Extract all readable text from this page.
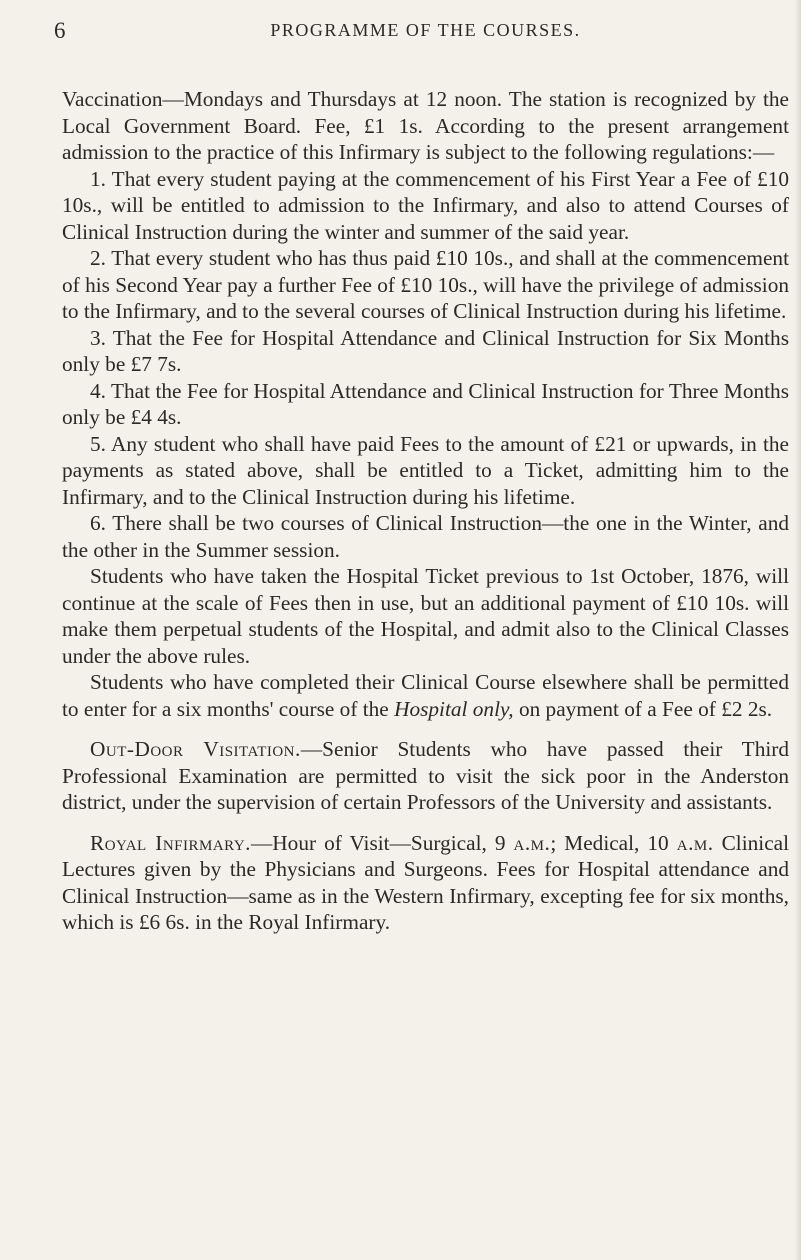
6	PROGRAMME OF THE COURSES.

Vaccination—Mondays and Thursdays at 12 noon. The station is recognized by the Local Government Board. Fee, £1 1s. According to the present arrangement admission to the practice of this Infirmary is subject to the following regulations:—

1. That every student paying at the commencement of his First Year a Fee of £10 10s., will be entitled to admission to the Infirmary, and also to attend Courses of Clinical Instruction during the winter and summer of the said year.

2. That every student who has thus paid £10 10s., and shall at the commencement of his Second Year pay a further Fee of £10 10s., will have the privilege of admission to the Infirmary, and to the several courses of Clinical Instruction during his lifetime.

3. That the Fee for Hospital Attendance and Clinical Instruction for Six Months only be £7 7s.

4. That the Fee for Hospital Attendance and Clinical Instruction for Three Months only be £4 4s.

5. Any student who shall have paid Fees to the amount of £21 or upwards, in the payments as stated above, shall be entitled to a Ticket, admitting him to the Infirmary, and to the Clinical Instruction during his lifetime.

6. There shall be two courses of Clinical Instruction—the one in the Winter, and the other in the Summer session.

Students who have taken the Hospital Ticket previous to 1st October, 1876, will continue at the scale of Fees then in use, but an additional payment of £10 10s. will make them perpetual students of the Hospital, and admit also to the Clinical Classes under the above rules.

Students who have completed their Clinical Course elsewhere shall be permitted to enter for a six months' course of the Hospital only, on payment of a Fee of £2 2s.

Out-Door Visitation.—Senior Students who have passed their Third Professional Examination are permitted to visit the sick poor in the Anderston district, under the supervision of certain Professors of the University and assistants.

Royal Infirmary.—Hour of Visit—Surgical, 9 a.m.; Medical, 10 a.m. Clinical Lectures given by the Physicians and Surgeons. Fees for Hospital attendance and Clinical Instruction—same as in the Western Infirmary, excepting fee for six months, which is £6 6s. in the Royal Infirmary.
